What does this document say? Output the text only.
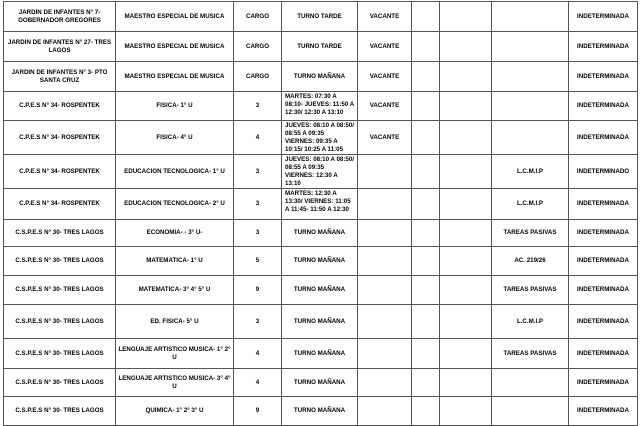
JARDIN DE INFANTES N° 7- GOBERNADOR GREGORES	MAESTRO ESPECIAL DE MUSICA	CARGO	TURNO TARDE	VACANTE				INDETERMINADA
JARDIN DE INFANTES N° 27- TRES LAGOS	MAESTRO ESPECIAL DE MUSICA	CARGO	TURNO TARDE	VACANTE				INDETERMINADA
JARDIN DE INFANTES N° 3- PTO SANTA CRUZ	MAESTRO ESPECIAL DE MUSICA	CARGO	TURNO MAÑANA	VACANTE				INDETERMINADA
C.P.E.S N° 34- ROSPENTEK	FISICA- 1° U	3	MARTES: 07:30 A 08:10- JUEVES: 11:50 A 12:30/ 12:30 A 13:10	VACANTE				INDETERMINADA
C.P.E.S N° 34- ROSPENTEK	FISICA- 4° U	4	JUEVES: 08:10 A 08:50/ 08:55 A 09:35 VIERNES: 09:35 A 10:15/ 10:25 A 11:05	VACANTE				INDETERMINADA
C.P.E.S N° 34- ROSPENTEK	EDUCACION TECNOLOGICA- 1° U	3	JUEVES: 08:10 A 08:50/ 08:55 A 09:35 VIERNES: 12:30 A 13:10				L.C.M.I.P	INDETERMINADO
C.P.E.S N° 34- ROSPENTEK	EDUCACION TECNOLOGICA- 2° U	3	MARTES: 12:30 A 13:30/ VIERNES: 11:05 A 11:45- 11:50 A 12:30				L.C.M.I.P	INDETERMINADA
C.S.P.E.S N° 30- TRES LAGOS	ECONOMIA- - 3° U-	3	TURNO MAÑANA				TAREAS PASIVAS	INDETERMINADA
C.S.P.E.S N° 30- TRES LAGOS	MATEMATICA- 1° U	5	TURNO MAÑANA				AC. 219/26	INDETERMINADA
C.S.P.E.S N° 30- TRES LAGOS	MATEMATICA- 3° 4° 5° U	9	TURNO MAÑANA				TAREAS PASIVAS	INDETERMINADA
C.S.P.E.S N° 30- TRES LAGOS	ED. FISICA- 5° U	3	TURNO MAÑANA				L.C.M.I.P	INDETERMINADA
C.S.P.E.S N° 30- TRES LAGOS	LENGUAJE ARTISTICO MUSICA- 1° 2° U	4	TURNO MAÑANA				TAREAS PASIVAS	INDETERMINADA
C.S.P.E.S N° 30- TRES LAGOS	LENGUAJE ARTISTICO MUSICA- 3° 4° U	4	TURNO MAÑANA					INDETERMINADA
C.S.P.E.S N° 30- TRES LAGOS	QUIMICA- 1° 2° 3° U	9	TURNO MAÑANA					INDETERMINADA
